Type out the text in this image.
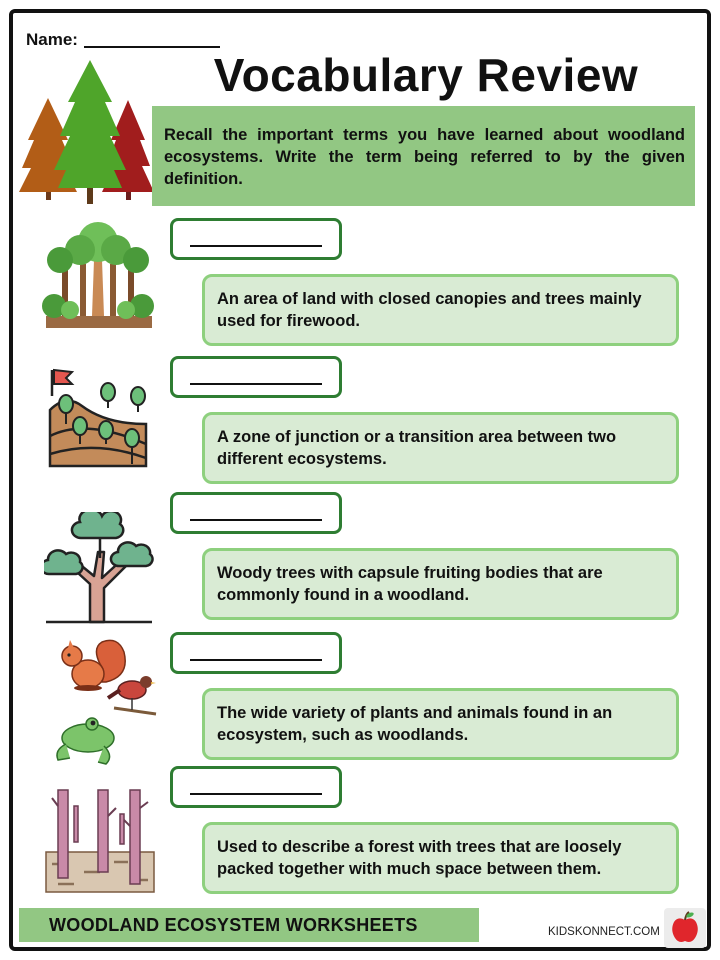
Name:
Vocabulary Review
Recall the important terms you have learned about woodland ecosystems. Write the term being referred to by the given definition.
An area of land with closed canopies and trees mainly used for firewood.
A zone of junction or a transition area between two different ecosystems.
Woody trees with capsule fruiting bodies that are commonly found in a woodland.
The wide variety of plants and animals found in an ecosystem, such as woodlands.
Used to describe a forest with trees that are loosely packed together with much space between them.
WOODLAND ECOSYSTEM WORKSHEETS	KIDSKONNECT.COM
